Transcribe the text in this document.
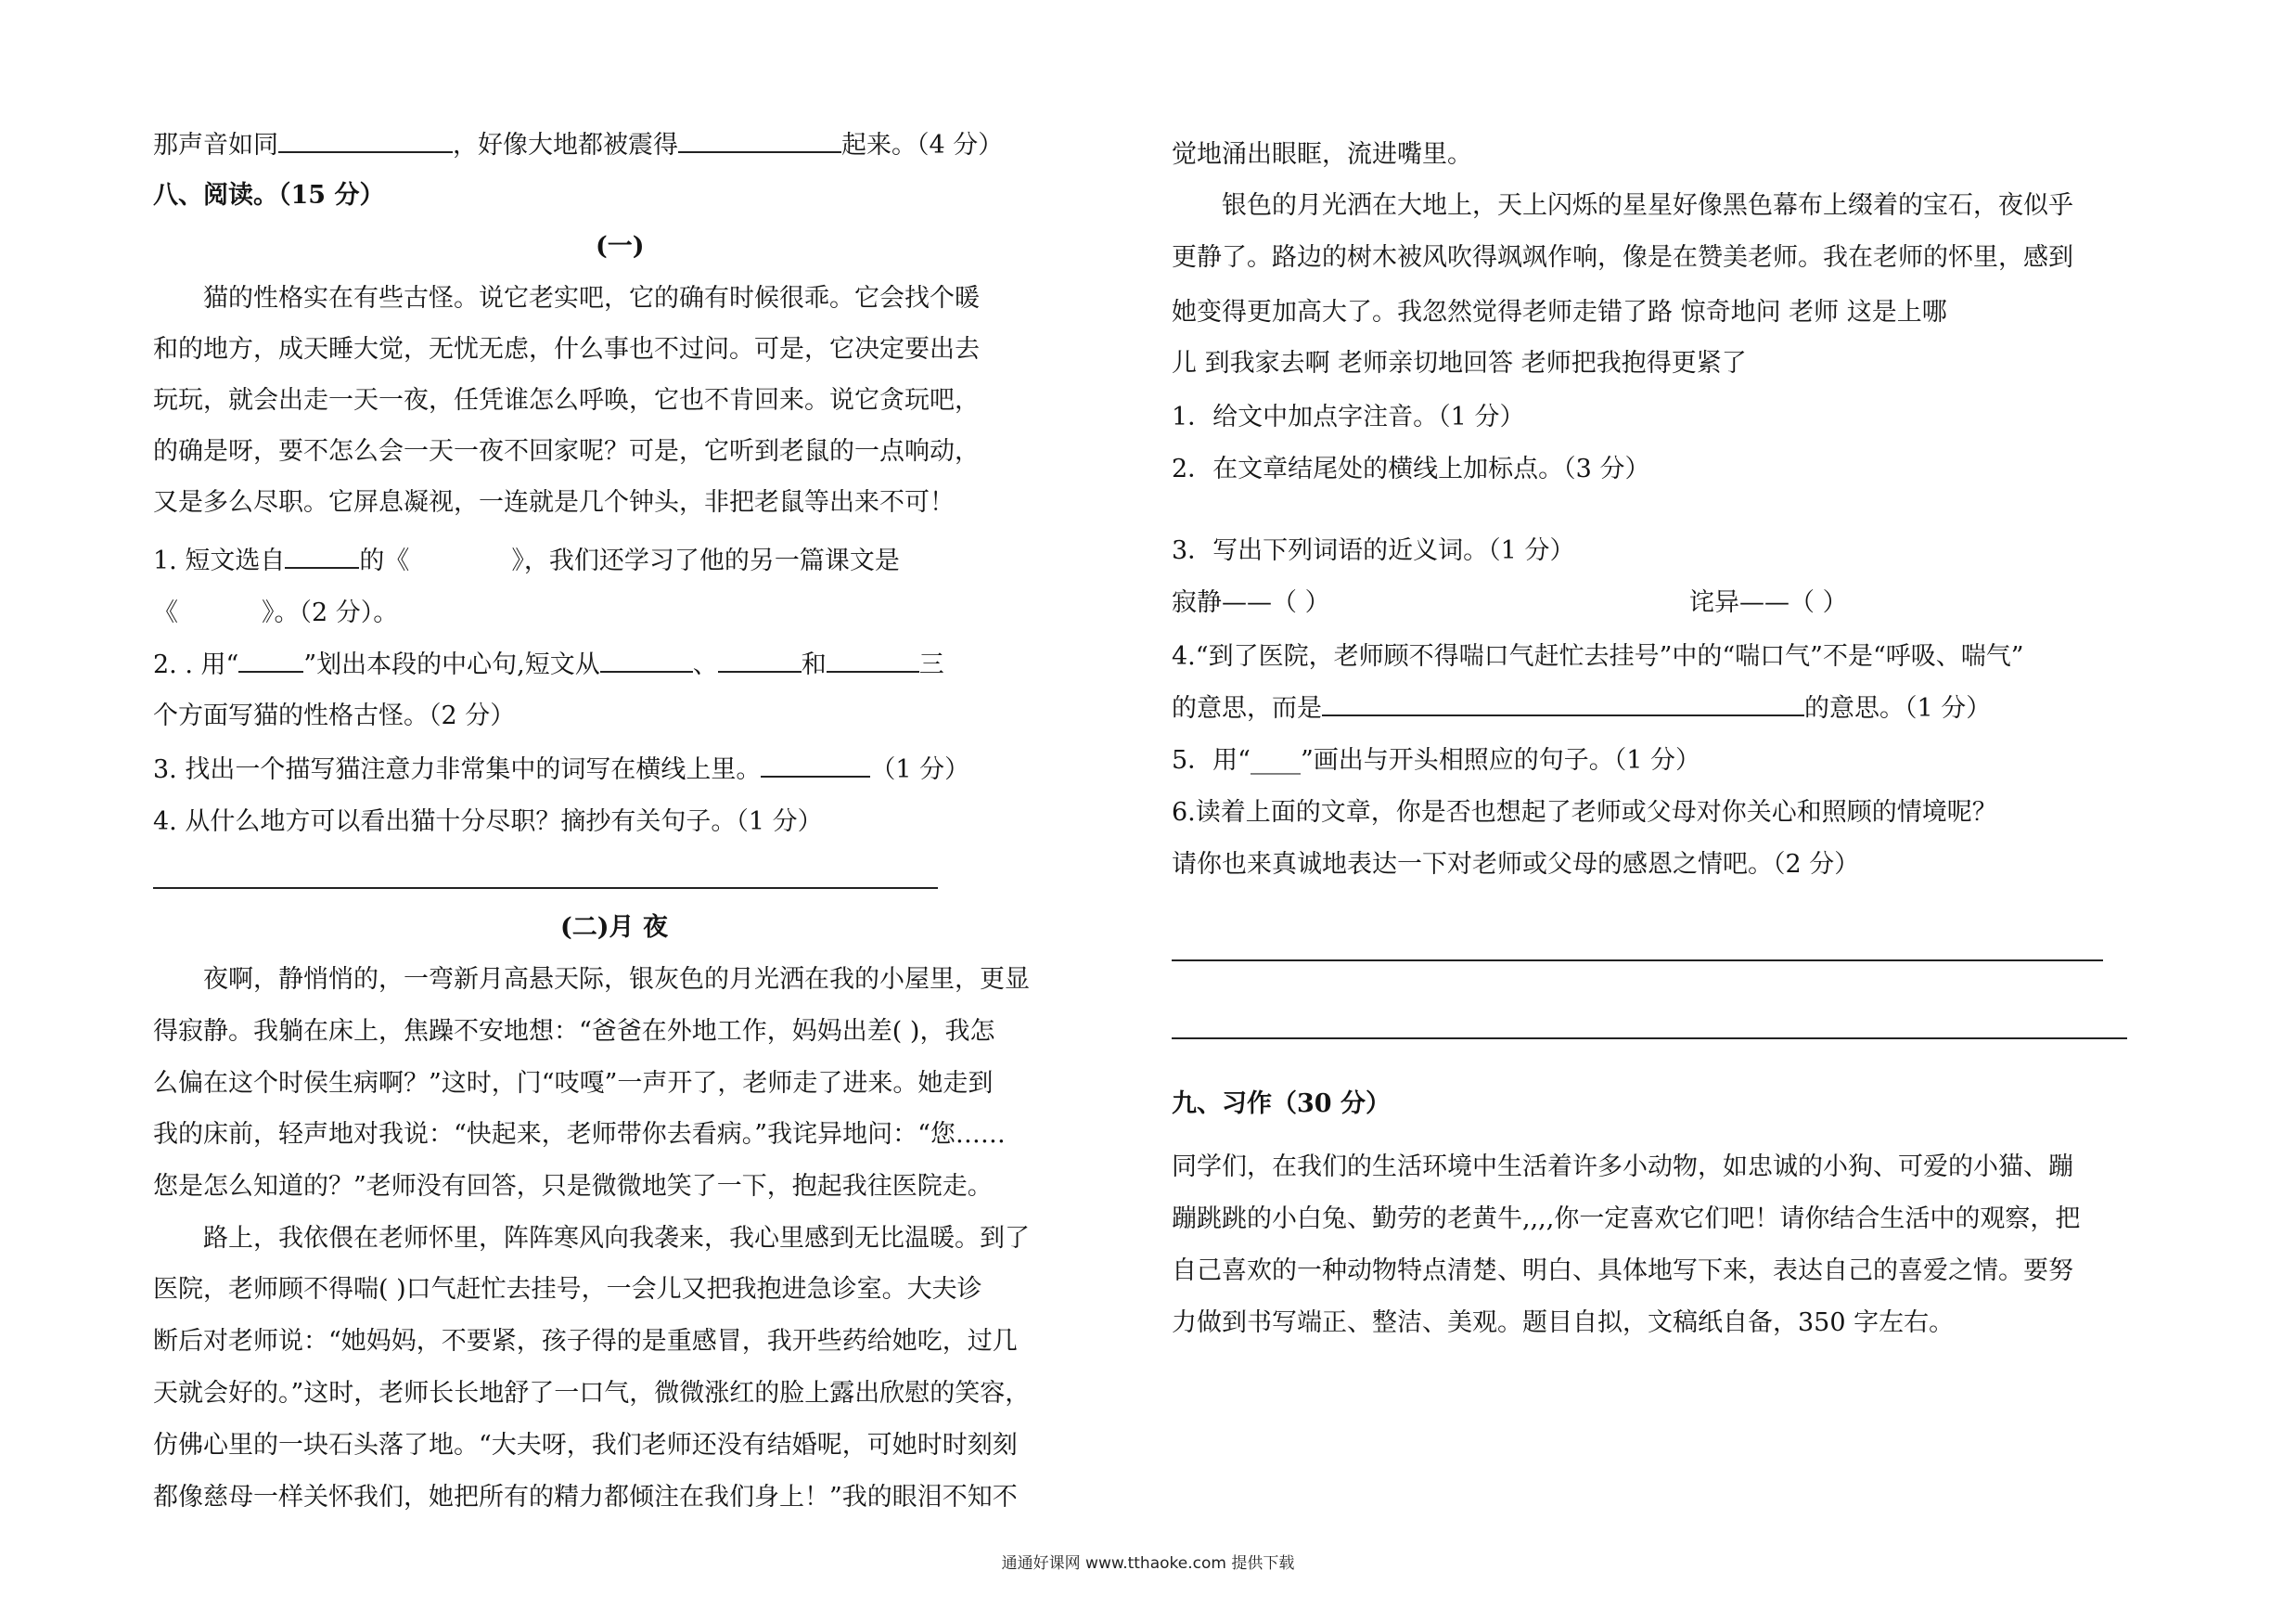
那声音如同	，好像大地都被震得	起来。（4 分）
八、阅读。（15 分）
(一)
猫的性格实在有些古怪。说它老实吧，它的确有时候很乖。它会找个暖
和的地方，成天睡大觉，无忧无虑，什么事也不过问。可是，它决定要出去
玩玩，就会出走一天一夜，任凭谁怎么呼唤，它也不肯回来。说它贪玩吧，
的确是呀，要不怎么会一天一夜不回家呢？可是，它听到老鼠的一点响动，
又是多么尽职。它屏息凝视，一连就是几个钟头，非把老鼠等出来不可！
1. 短文选自	的《	》，我们还学习了他的另一篇课文是
《	》。（2 分）。
2. . 用“	”划出本段的中心句,短文从	、	和	三
个方面写猫的性格古怪。（2 分）
3. 找出一个描写猫注意力非常集中的词写在横线上里。	（1 分）
4. 从什么地方可以看出猫十分尽职？摘抄有关句子。（1 分）
(二)月 夜
夜啊，静悄悄的，一弯新月高悬天际，银灰色的月光洒在我的小屋里，更显
得寂静。我躺在床上，焦躁不安地想：“爸爸在外地工作，妈妈出差( )，我怎
么偏在这个时侯生病啊？”这时，门“吱嘎”一声开了，老师走了进来。她走到
我的床前，轻声地对我说：“快起来，老师带你去看病。”我诧异地问：“您……
您是怎么知道的？”老师没有回答，只是微微地笑了一下，抱起我往医院走。
路上，我依偎在老师怀里，阵阵寒风向我袭来，我心里感到无比温暖。到了
医院，老师顾不得喘( )口气赶忙去挂号，一会儿又把我抱进急诊室。大夫诊
断后对老师说：“她妈妈，不要紧，孩子得的是重感冒，我开些药给她吃，过几
天就会好的。”这时，老师长长地舒了一口气，微微涨红的脸上露出欣慰的笑容，
仿佛心里的一块石头落了地。“大夫呀，我们老师还没有结婚呢，可她时时刻刻
都像慈母一样关怀我们，她把所有的精力都倾注在我们身上！”我的眼泪不知不
觉地涌出眼眶，流进嘴里。
银色的月光洒在大地上，天上闪烁的星星好像黑色幕布上缀着的宝石，夜似乎
更静了。路边的树木被风吹得飒飒作响，像是在赞美老师。我在老师的怀里，感到
她变得更加高大了。我忽然觉得老师走错了路 惊奇地问 老师 这是上哪
儿 到我家去啊 老师亲切地回答 老师把我抱得更紧了
1．给文中加点字注音。（1 分）
2．在文章结尾处的横线上加标点。（3 分）
3．写出下列词语的近义词。（1 分）
寂静——（ ）	诧异——（ ）
4.“到了医院，老师顾不得喘口气赶忙去挂号”中的“喘口气”不是“呼吸、喘气”
的意思，而是	的意思。（1 分）
5．用“____”画出与开头相照应的句子。（1 分）
6.读着上面的文章，你是否也想起了老师或父母对你关心和照顾的情境呢？
请你也来真诚地表达一下对老师或父母的感恩之情吧。（2 分）
九、习作（30 分）
同学们，在我们的生活环境中生活着许多小动物，如忠诚的小狗、可爱的小猫、蹦
蹦跳跳的小白兔、勤劳的老黄牛,,,,你一定喜欢它们吧！请你结合生活中的观察，把
自己喜欢的一种动物特点清楚、明白、具体地写下来，表达自己的喜爱之情。要努
力做到书写端正、整洁、美观。题目自拟，文稿纸自备，350 字左右。
通通好课网 www.tthaoke.com 提供下载
